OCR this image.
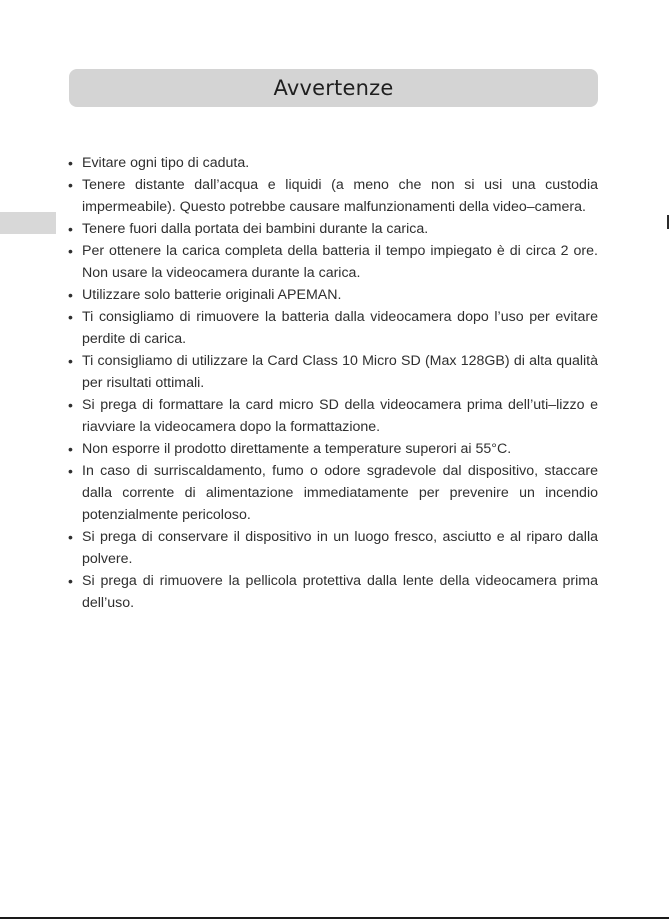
Avvertenze
• Evitare ogni tipo di caduta.
• Tenere distante dall’acqua e liquidi (a meno che non si usi una custodia impermeabile). Questo potrebbe causare malfunzionamenti della video–camera.
• Tenere fuori dalla portata dei bambini durante la carica.
• Per ottenere la carica completa della batteria il tempo impiegato è di circa 2 ore. Non usare la videocamera durante la carica.
• Utilizzare solo batterie originali APEMAN.
• Ti consigliamo di rimuovere la batteria dalla videocamera dopo l’uso per evitare perdite di carica.
• Ti consigliamo di utilizzare la Card Class 10 Micro SD (Max 128GB) di alta qualità per risultati ottimali.
• Si prega di formattare la card micro SD della videocamera prima dell’uti–lizzo e riavviare la videocamera dopo la formattazione.
• Non esporre il prodotto direttamente a temperature superori ai 55°C.
• In caso di surriscaldamento, fumo o odore sgradevole dal dispositivo, staccare dalla corrente di alimentazione immediatamente per prevenire un incendio potenzialmente pericoloso.
• Si prega di conservare il dispositivo in un luogo fresco, asciutto e al riparo dalla polvere.
• Si prega di rimuovere la pellicola protettiva dalla lente della videocamera prima dell’uso.
